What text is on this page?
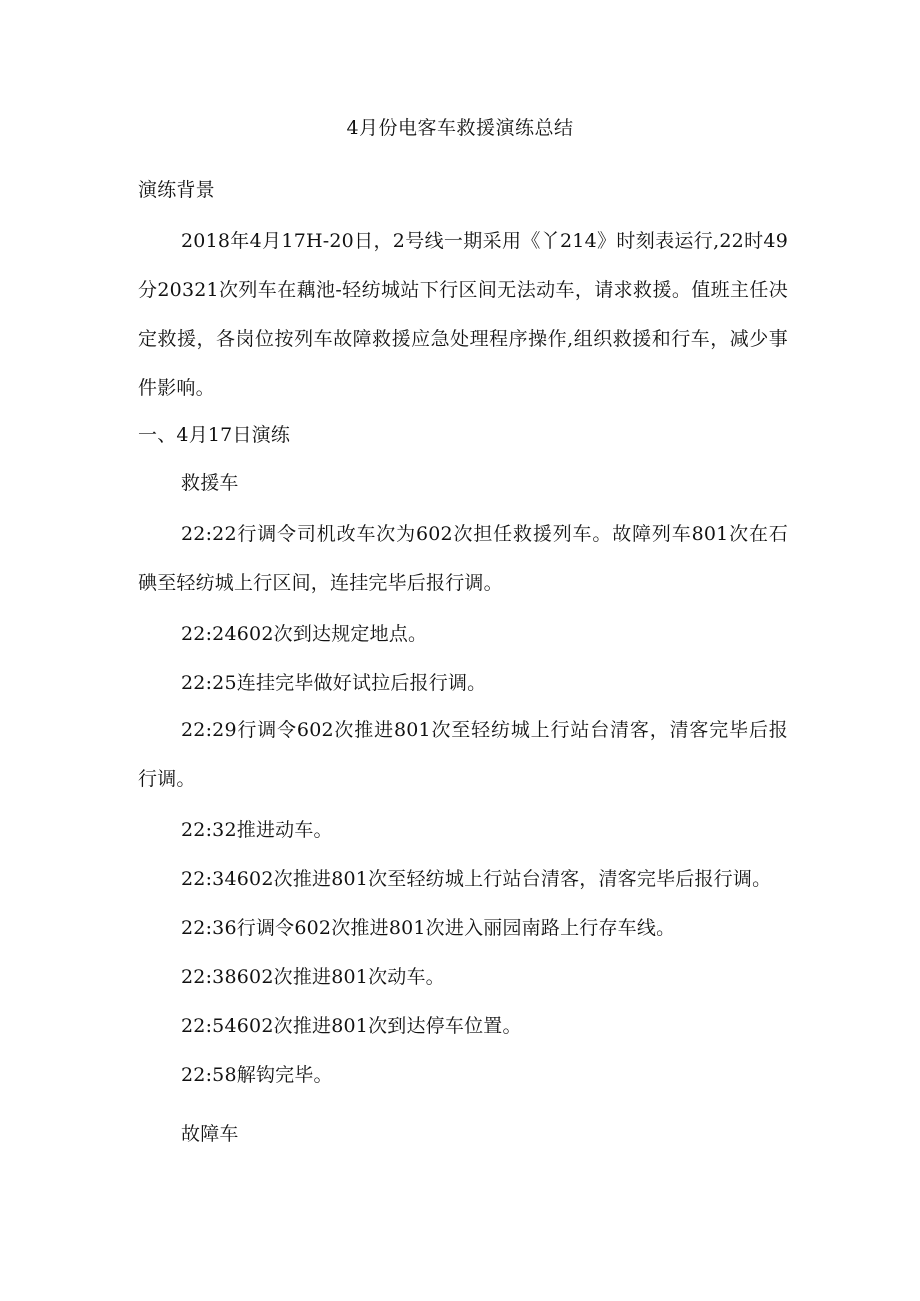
4月份电客车救援演练总结
演练背景
2018年4月17H-20日，2号线一期采用《丫214》时刻表运行,22时49分20321次列车在藕池-轻纺城站下行区间无法动车，请求救援。值班主任决定救援，各岗位按列车故障救援应急处理程序操作,组织救援和行车，减少事件影响。
一、4月17日演练
救援车
22:22行调令司机改车次为602次担任救援列车。故障列车801次在石碘至轻纺城上行区间，连挂完毕后报行调。
22:24602次到达规定地点。
22:25连挂完毕做好试拉后报行调。
22:29行调令602次推进801次至轻纺城上行站台清客，清客完毕后报行调。
22:32推进动车。
22:34602次推进801次至轻纺城上行站台清客，清客完毕后报行调。
22:36行调令602次推进801次进入丽园南路上行存车线。
22:38602次推进801次动车。
22:54602次推进801次到达停车位置。
22:58解钩完毕。
故障车
